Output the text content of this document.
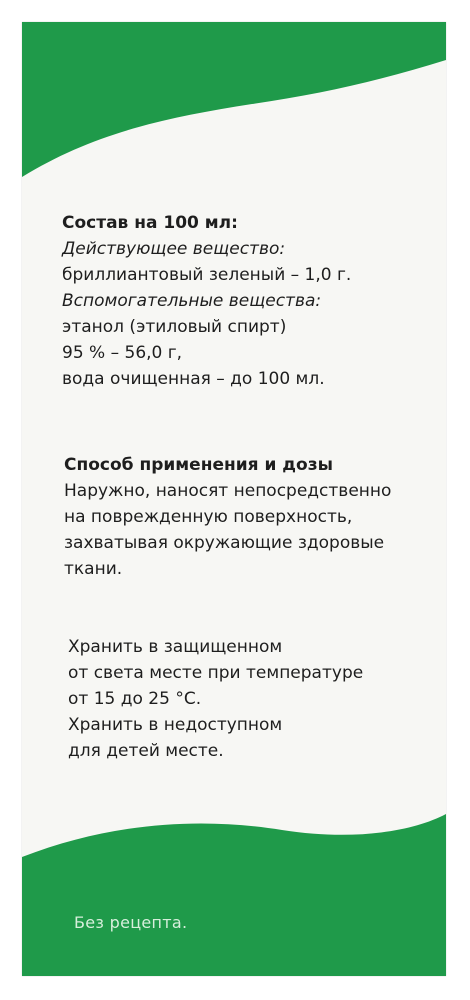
Состав на 100 мл:
Действующее вещество:
бриллиантовый зеленый – 1,0 г.
Вспомогательные вещества:
этанол (этиловый спирт)
95 % – 56,0 г,
вода очищенная – до 100 мл.
Способ применения и дозы
Наружно, наносят непосредственно
на поврежденную поверхность,
захватывая окружающие здоровые
ткани.
Хранить в защищенном
от света месте при температуре
от 15 до 25 °С.
Хранить в недоступном
для детей месте.
Без рецепта.
